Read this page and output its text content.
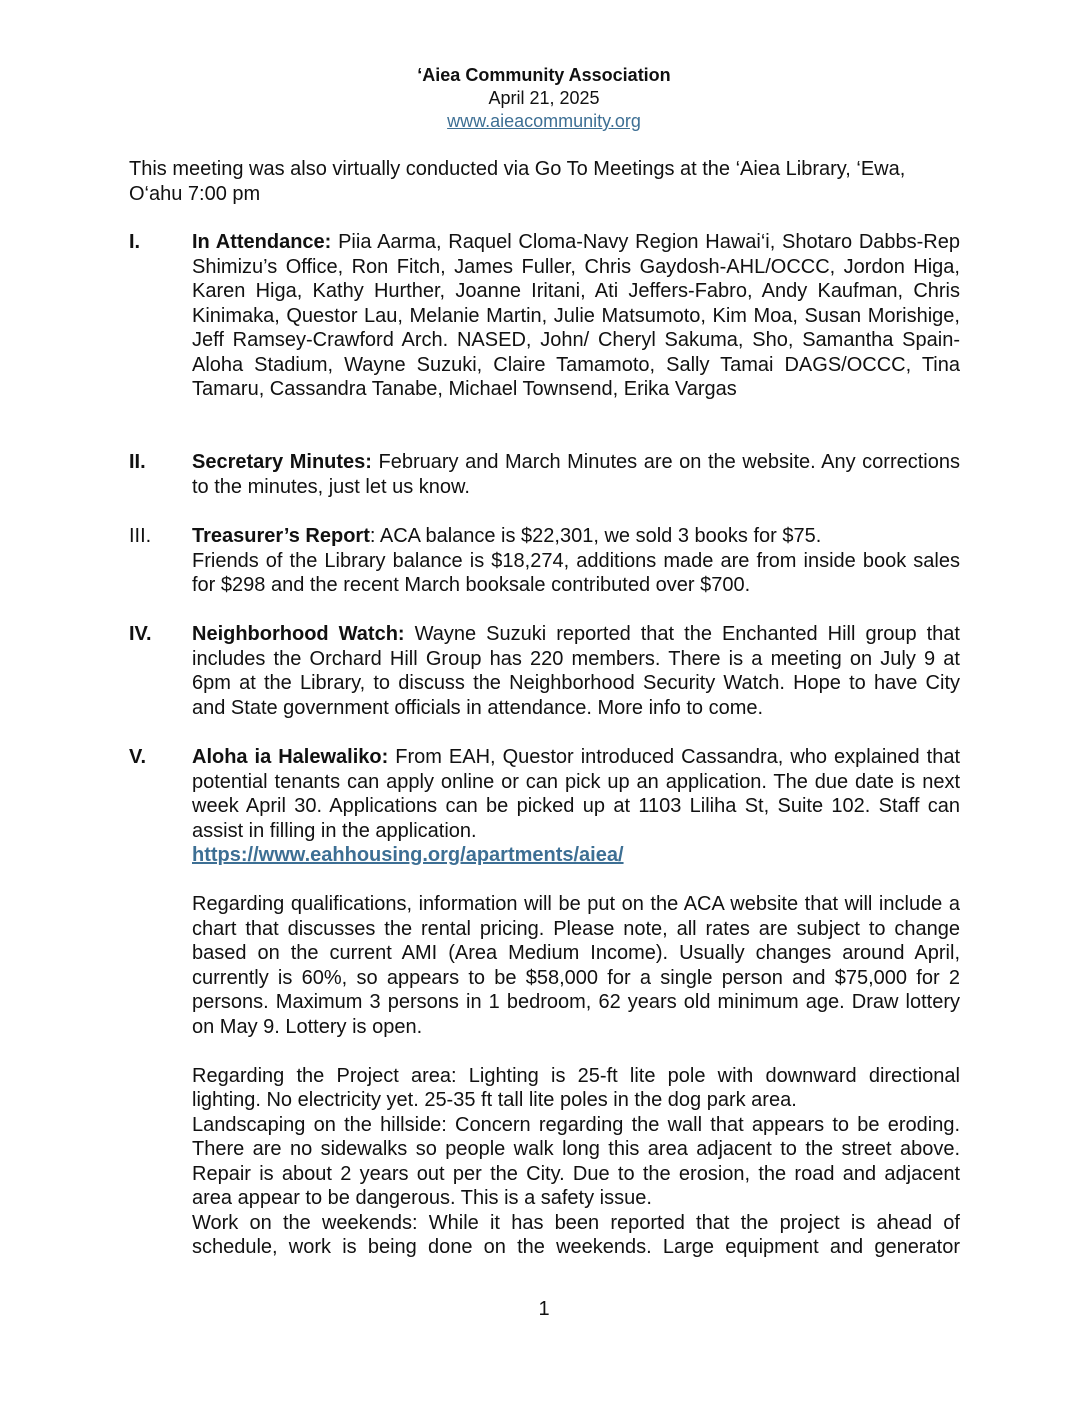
‘Aiea Community Association
April 21, 2025
www.aieacommunity.org
This meeting was also virtually conducted via Go To Meetings at the ‘Aiea Library, ‘Ewa, O‘ahu 7:00 pm
I.	In Attendance: Piia Aarma, Raquel Cloma-Navy Region Hawai‘i, Shotaro Dabbs-Rep Shimizu’s Office, Ron Fitch, James Fuller, Chris Gaydosh-AHL/OCCC, Jordon Higa, Karen Higa, Kathy Hurther, Joanne Iritani, Ati Jeffers-Fabro, Andy Kaufman, Chris Kinimaka, Questor Lau, Melanie Martin, Julie Matsumoto, Kim Moa, Susan Morishige, Jeff Ramsey-Crawford Arch. NASED, John/ Cheryl Sakuma, Sho, Samantha Spain-Aloha Stadium, Wayne Suzuki, Claire Tamamoto, Sally Tamai DAGS/OCCC, Tina Tamaru, Cassandra Tanabe, Michael Townsend, Erika Vargas

II.	Secretary Minutes: February and March Minutes are on the website. Any corrections to the minutes, just let us know.

III.	Treasurer’s Report: ACA balance is $22,301, we sold 3 books for $75.

Friends of the Library balance is $18,274, additions made are from inside book sales for $298 and the recent March booksale contributed over $700.

IV.	Neighborhood Watch: Wayne Suzuki reported that the Enchanted Hill group that includes the Orchard Hill Group has 220 members. There is a meeting on July 9 at 6pm at the Library, to discuss the Neighborhood Security Watch. Hope to have City and State government officials in attendance. More info to come.

V.	Aloha ia Halewaliko: From EAH, Questor introduced Cassandra, who explained that potential tenants can apply online or can pick up an application. The due date is next week April 30. Applications can be picked up at 1103 Liliha St, Suite 102. Staff can assist in filling in the application.

https://www.eahhousing.org/apartments/aiea/

Regarding qualifications, information will be put on the ACA website that will include a chart that discusses the rental pricing. Please note, all rates are subject to change based on the current AMI (Area Medium Income). Usually changes around April, currently is 60%, so appears to be $58,000 for a single person and $75,000 for 2 persons. Maximum 3 persons in 1 bedroom, 62 years old minimum age. Draw lottery on May 9. Lottery is open.

Regarding the Project area: Lighting is 25-ft lite pole with downward directional lighting. No electricity yet. 25-35 ft tall lite poles in the dog park area.

Landscaping on the hillside: Concern regarding the wall that appears to be eroding. There are no sidewalks so people walk long this area adjacent to the street above. Repair is about 2 years out per the City. Due to the erosion, the road and adjacent area appear to be dangerous. This is a safety issue.

Work on the weekends: While it has been reported that the project is ahead of schedule, work is being done on the weekends. Large equipment and generator

1
